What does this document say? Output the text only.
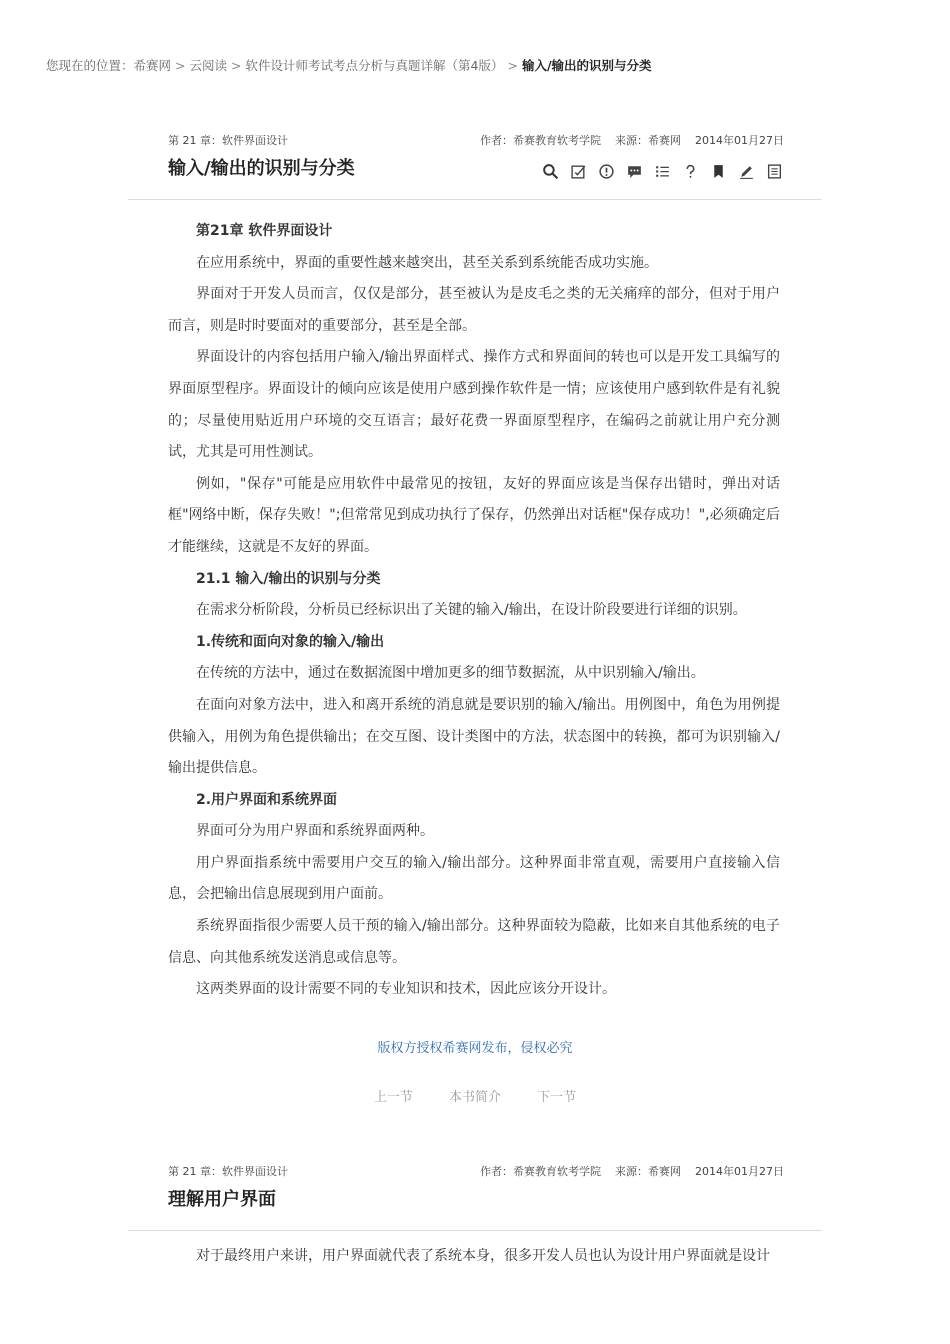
您现在的位置：希赛网 > 云阅读 > 软件设计师考试考点分析与真题详解（第4版） > 输入/输出的识别与分类
第 21 章：软件界面设计	作者：希赛教育软考学院 来源：希赛网 2014年01月27日
输入/输出的识别与分类

第21章 软件界面设计

在应用系统中，界面的重要性越来越突出，甚至关系到系统能否成功实施。

界面对于开发人员而言，仅仅是部分，甚至被认为是皮毛之类的无关痛痒的部分，但对于用户而言，则是时时要面对的重要部分，甚至是全部。

界面设计的内容包括用户输入/输出界面样式、操作方式和界面间的转也可以是开发工具编写的界面原型程序。界面设计的倾向应该是使用户感到操作软件是一情；应该使用户感到软件是有礼貌的；尽量使用贴近用户环境的交互语言；最好花费一界面原型程序，在编码之前就让用户充分测试，尤其是可用性测试。

例如，"保存"可能是应用软件中最常见的按钮，友好的界面应该是当保存出错时，弹出对话框"网络中断，保存失败！";但常常见到成功执行了保存，仍然弹出对话框"保存成功！",必须确定后才能继续，这就是不友好的界面。

21.1 输入/输出的识别与分类

在需求分析阶段，分析员已经标识出了关键的输入/输出，在设计阶段要进行详细的识别。

1.传统和面向对象的输入/输出

在传统的方法中，通过在数据流图中增加更多的细节数据流，从中识别输入/输出。

在面向对象方法中，进入和离开系统的消息就是要识别的输入/输出。用例图中，角色为用例提供输入，用例为角色提供输出；在交互图、设计类图中的方法，状态图中的转换，都可为识别输入/输出提供信息。

2.用户界面和系统界面

界面可分为用户界面和系统界面两种。

用户界面指系统中需要用户交互的输入/输出部分。这种界面非常直观，需要用户直接输入信息，会把输出信息展现到用户面前。

系统界面指很少需要人员干预的输入/输出部分。这种界面较为隐蔽，比如来自其他系统的电子信息、向其他系统发送消息或信息等。

这两类界面的设计需要不同的专业知识和技术，因此应该分开设计。

版权方授权希赛网发布，侵权必究
上一节	本书简介	下一节
第 21 章：软件界面设计	作者：希赛教育软考学院 来源：希赛网 2014年01月27日
理解用户界面

对于最终用户来讲，用户界面就代表了系统本身，很多开发人员也认为设计用户界面就是设计
